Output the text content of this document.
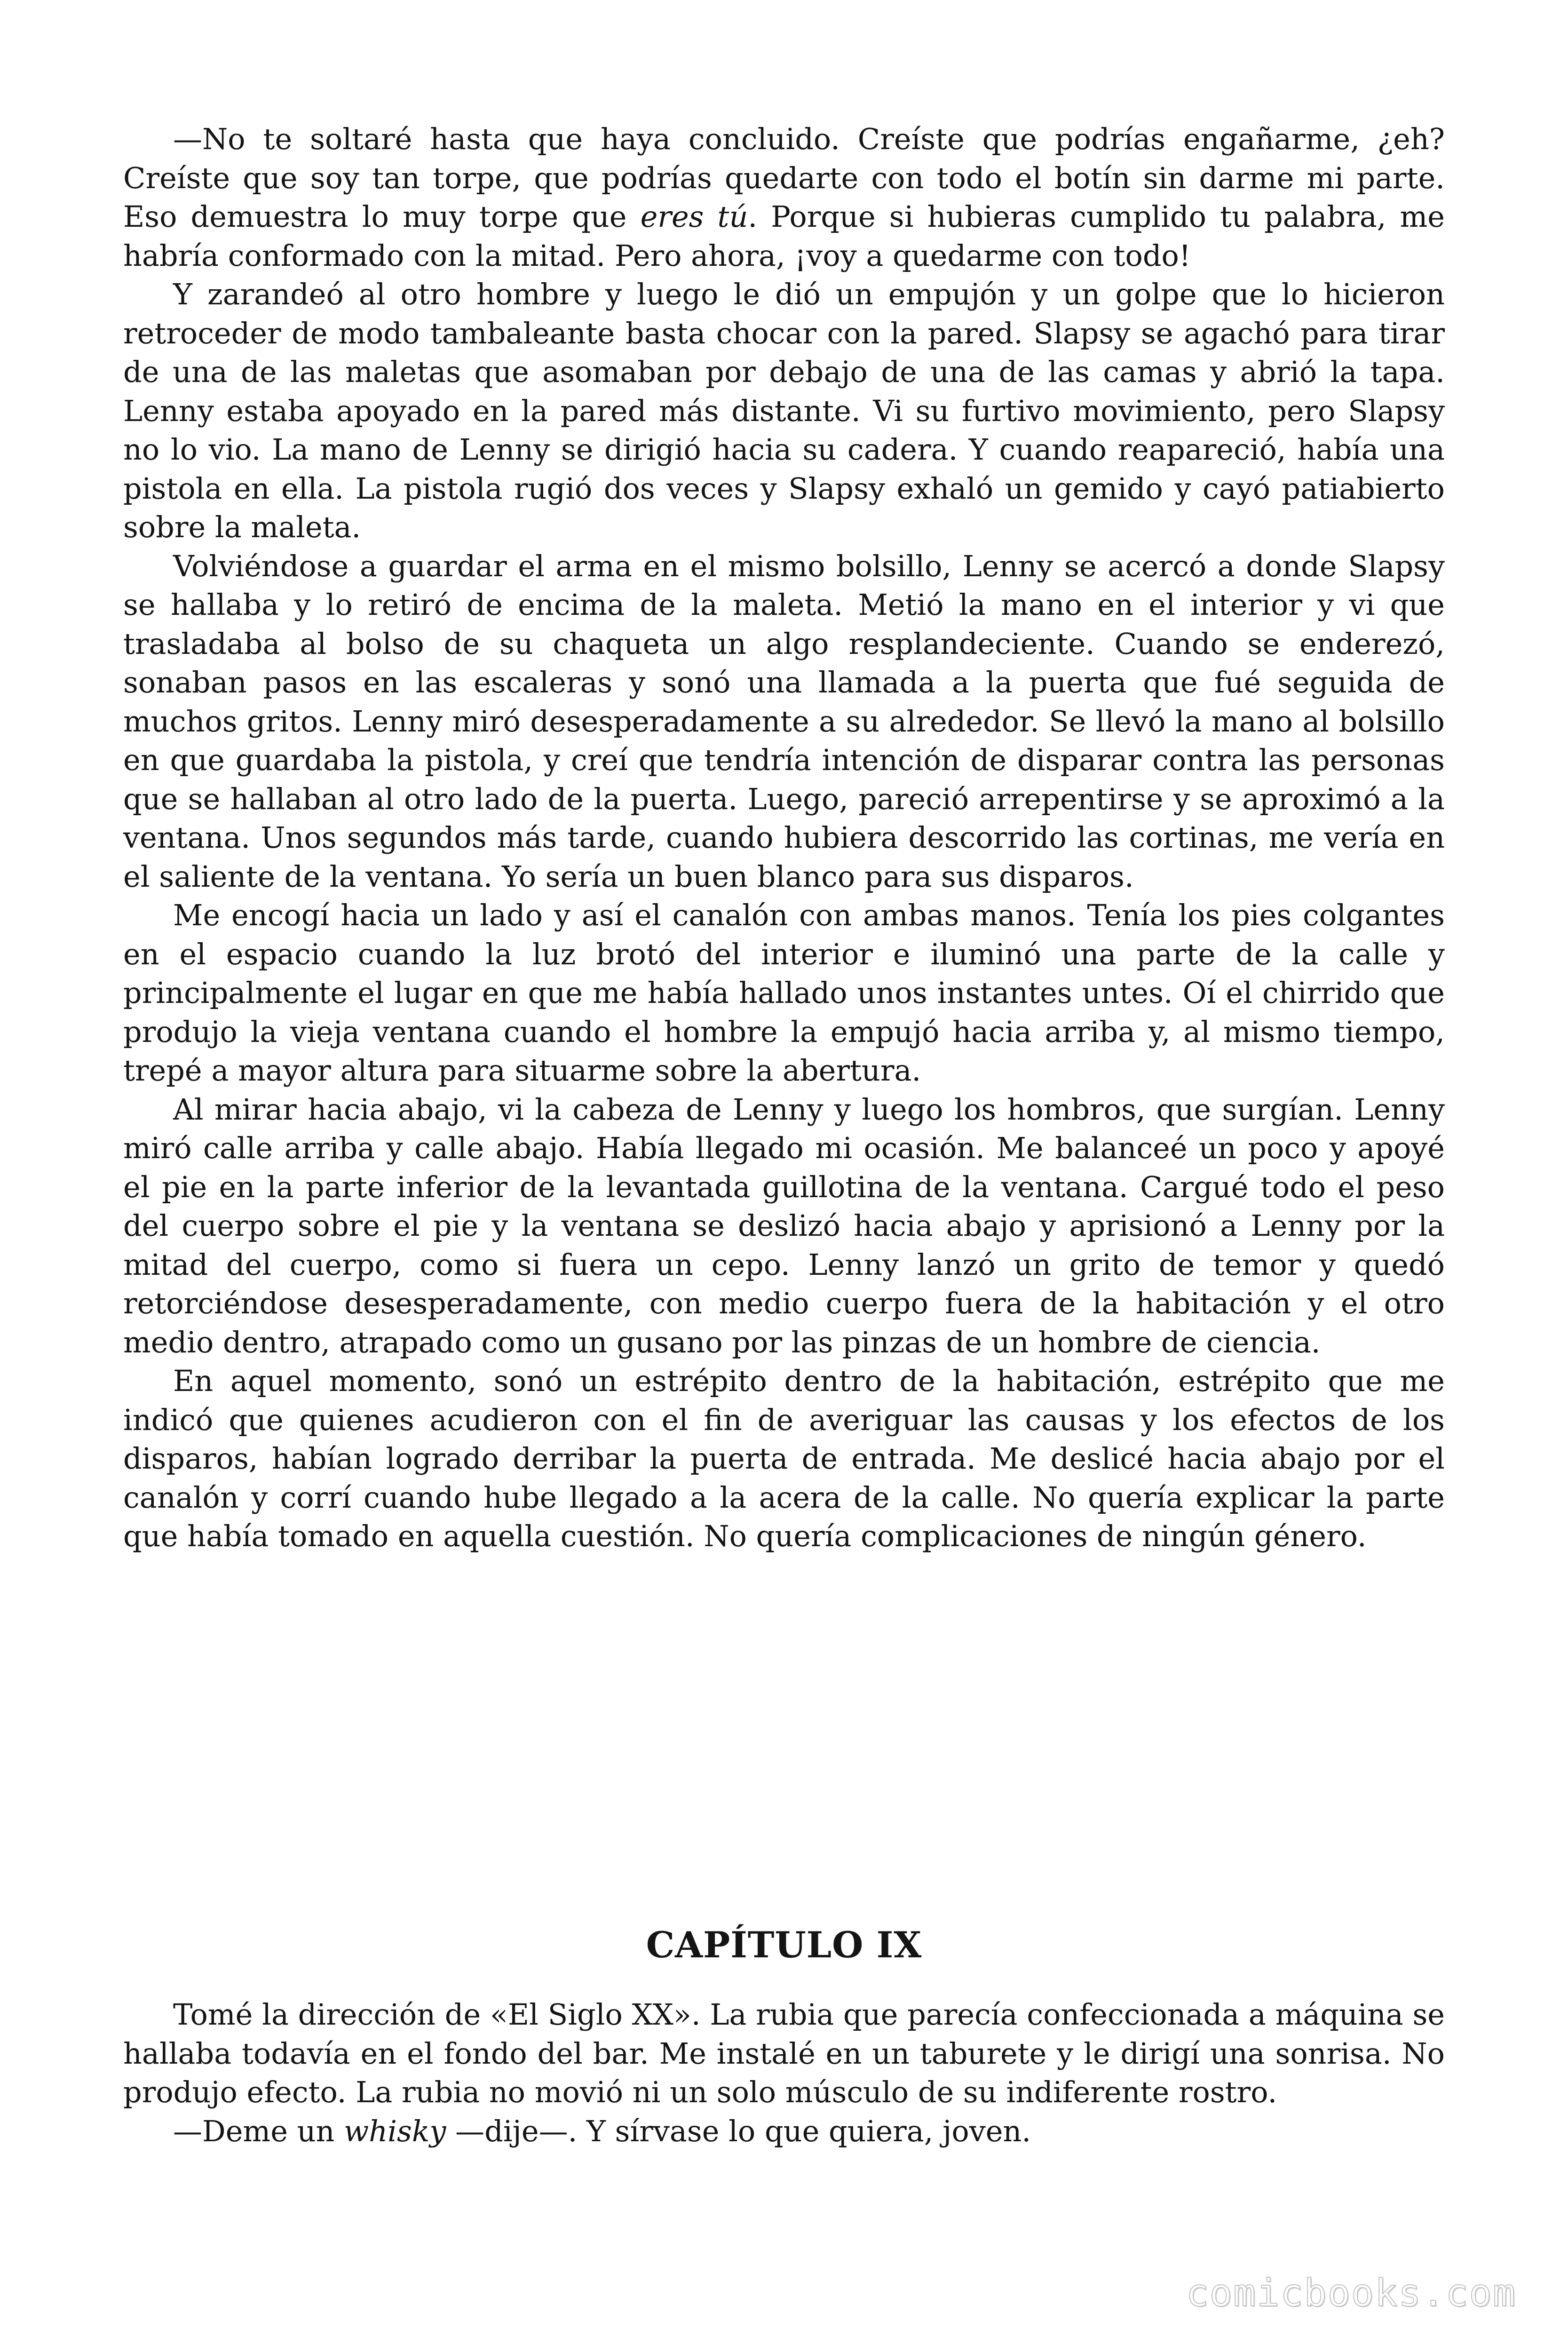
—No te soltaré hasta que haya concluido. Creíste que podrías engañarme, ¿eh? Creíste que soy tan torpe, que podrías quedarte con todo el botín sin darme mi parte. Eso demuestra lo muy torpe que eres tú. Porque si hubieras cumplido tu palabra, me habría conformado con la mitad. Pero ahora, ¡voy a quedarme con todo!

Y zarandeó al otro hombre y luego le dió un empujón y un golpe que lo hicieron retroceder de modo tambaleante basta chocar con la pared. Slapsy se agachó para tirar de una de las maletas que asomaban por debajo de una de las camas y abrió la tapa. Lenny estaba apoyado en la pared más distante. Vi su furtivo movimiento, pero Slapsy no lo vio. La mano de Lenny se dirigió hacia su cadera. Y cuando reapareció, había una pistola en ella. La pistola rugió dos veces y Slapsy exhaló un gemido y cayó patiabierto sobre la maleta.

Volviéndose a guardar el arma en el mismo bolsillo, Lenny se acercó a donde Slapsy se hallaba y lo retiró de encima de la maleta. Metió la mano en el interior y vi que trasladaba al bolso de su chaqueta un algo resplandeciente. Cuando se enderezó, sonaban pasos en las escaleras y sonó una llamada a la puerta que fué seguida de muchos gritos. Lenny miró desesperadamente a su alrededor. Se llevó la mano al bolsillo en que guardaba la pistola, y creí que tendría intención de disparar contra las personas que se hallaban al otro lado de la puerta. Luego, pareció arrepentirse y se aproximó a la ventana. Unos segundos más tarde, cuando hubiera descorrido las cortinas, me vería en el saliente de la ventana. Yo sería un buen blanco para sus disparos.

Me encogí hacia un lado y así el canalón con ambas manos. Tenía los pies colgantes en el espacio cuando la luz brotó del interior e iluminó una parte de la calle y principalmente el lugar en que me había hallado unos instantes untes. Oí el chirrido que produjo la vieja ventana cuando el hombre la empujó hacia arriba y, al mismo tiempo, trepé a mayor altura para situarme sobre la abertura.

Al mirar hacia abajo, vi la cabeza de Lenny y luego los hombros, que surgían. Lenny miró calle arriba y calle abajo. Había llegado mi ocasión. Me balanceé un poco y apoyé el pie en la parte inferior de la levantada guillotina de la ventana. Cargué todo el peso del cuerpo sobre el pie y la ventana se deslizó hacia abajo y aprisionó a Lenny por la mitad del cuerpo, como si fuera un cepo. Lenny lanzó un grito de temor y quedó retorciéndose desesperadamente, con medio cuerpo fuera de la habitación y el otro medio dentro, atrapado como un gusano por las pinzas de un hombre de ciencia.

En aquel momento, sonó un estrépito dentro de la habitación, estrépito que me indicó que quienes acudieron con el fin de averiguar las causas y los efectos de los disparos, habían logrado derribar la puerta de entrada. Me deslicé hacia abajo por el canalón y corrí cuando hube llegado a la acera de la calle. No quería explicar la parte que había tomado en aquella cuestión. No quería complicaciones de ningún género.

CAPÍTULO IX

Tomé la dirección de «El Siglo XX». La rubia que parecía confeccionada a máquina se hallaba todavía en el fondo del bar. Me instalé en un taburete y le dirigí una sonrisa. No produjo efecto. La rubia no movió ni un solo músculo de su indiferente rostro.

—Deme un whisky —dije—. Y sírvase lo que quiera, joven.

comicbooks.com
